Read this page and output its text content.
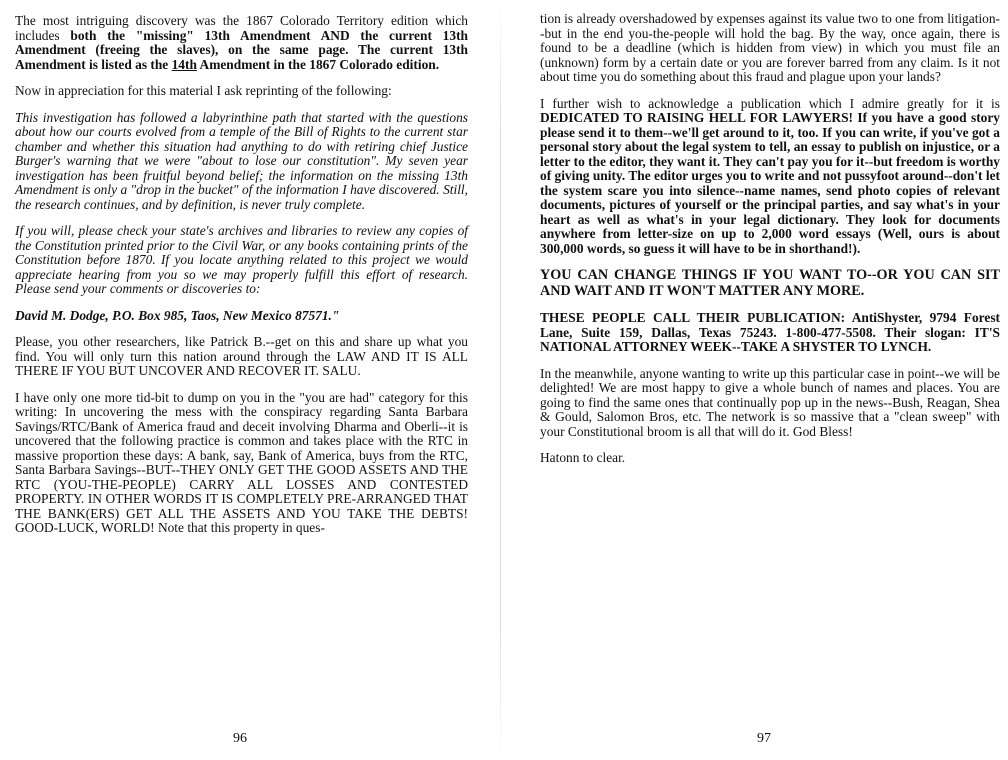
The most intriguing discovery was the 1867 Colorado Territory edition which includes both the "missing" 13th Amendment AND the current 13th Amendment (freeing the slaves), on the same page. The current 13th Amendment is listed as the 14th Amendment in the 1867 Colorado edition.

Now in appreciation for this material I ask reprinting of the following:

This investigation has followed a labyrinthine path that started with the questions about how our courts evolved from a temple of the Bill of Rights to the current star chamber and whether this situation had anything to do with retiring chief Justice Burger's warning that we were "about to lose our constitution". My seven year investigation has been fruitful beyond belief; the information on the missing 13th Amendment is only a "drop in the bucket" of the information I have discovered. Still, the research continues, and by definition, is never truly complete.

If you will, please check your state's archives and libraries to review any copies of the Constitution printed prior to the Civil War, or any books containing prints of the Constitution before 1870. If you locate anything related to this project we would appreciate hearing from you so we may properly fulfill this effort of research. Please send your comments or discoveries to:

David M. Dodge, P.O. Box 985, Taos, New Mexico 87571."

Please, you other researchers, like Patrick B.--get on this and share up what you find. You will only turn this nation around through the LAW AND IT IS ALL THERE IF YOU BUT UNCOVER AND RECOVER IT. SALU.

I have only one more tid-bit to dump on you in the "you are had" category for this writing: In uncovering the mess with the conspiracy regarding Santa Barbara Savings/RTC/Bank of America fraud and deceit involving Dharma and Oberli--it is uncovered that the following practice is common and takes place with the RTC in massive proportion these days: A bank, say, Bank of America, buys from the RTC, Santa Barbara Savings--BUT--THEY ONLY GET THE GOOD ASSETS AND THE RTC (YOU-THE-PEOPLE) CARRY ALL LOSSES AND CONTESTED PROPERTY. IN OTHER WORDS IT IS COMPLETELY PRE-ARRANGED THAT THE BANK(ERS) GET ALL THE ASSETS AND YOU TAKE THE DEBTS! GOOD-LUCK, WORLD! Note that this property in ques-

96

tion is already overshadowed by expenses against its value two to one from litigation--but in the end you-the-people will hold the bag. By the way, once again, there is found to be a deadline (which is hidden from view) in which you must file an (unknown) form by a certain date or you are forever barred from any claim. Is it not about time you do something about this fraud and plague upon your lands?

I further wish to acknowledge a publication which I admire greatly for it is DEDICATED TO RAISING HELL FOR LAWYERS! If you have a good story please send it to them--we'll get around to it, too. If you can write, if you've got a personal story about the legal system to tell, an essay to publish on injustice, or a letter to the editor, they want it. They can't pay you for it--but freedom is worthy of giving unity. The editor urges you to write and not pussyfoot around--don't let the system scare you into silence--name names, send photo copies of relevant documents, pictures of yourself or the principal parties, and say what's in your heart as well as what's in your legal dictionary. They look for documents anywhere from letter-size on up to 2,000 word essays (Well, ours is about 300,000 words, so guess it will have to be in shorthand!).

YOU CAN CHANGE THINGS IF YOU WANT TO--OR YOU CAN SIT AND WAIT AND IT WON'T MATTER ANY MORE.

THESE PEOPLE CALL THEIR PUBLICATION: AntiShyster, 9794 Forest Lane, Suite 159, Dallas, Texas 75243. 1-800-477-5508. Their slogan: IT'S NATIONAL ATTORNEY WEEK--TAKE A SHYSTER TO LYNCH.

In the meanwhile, anyone wanting to write up this particular case in point--we will be delighted! We are most happy to give a whole bunch of names and places. You are going to find the same ones that continually pop up in the news--Bush, Reagan, Shea & Gould, Salomon Bros, etc. The network is so massive that a "clean sweep" with your Constitutional broom is all that will do it. God Bless!

Hatonn to clear.

97
